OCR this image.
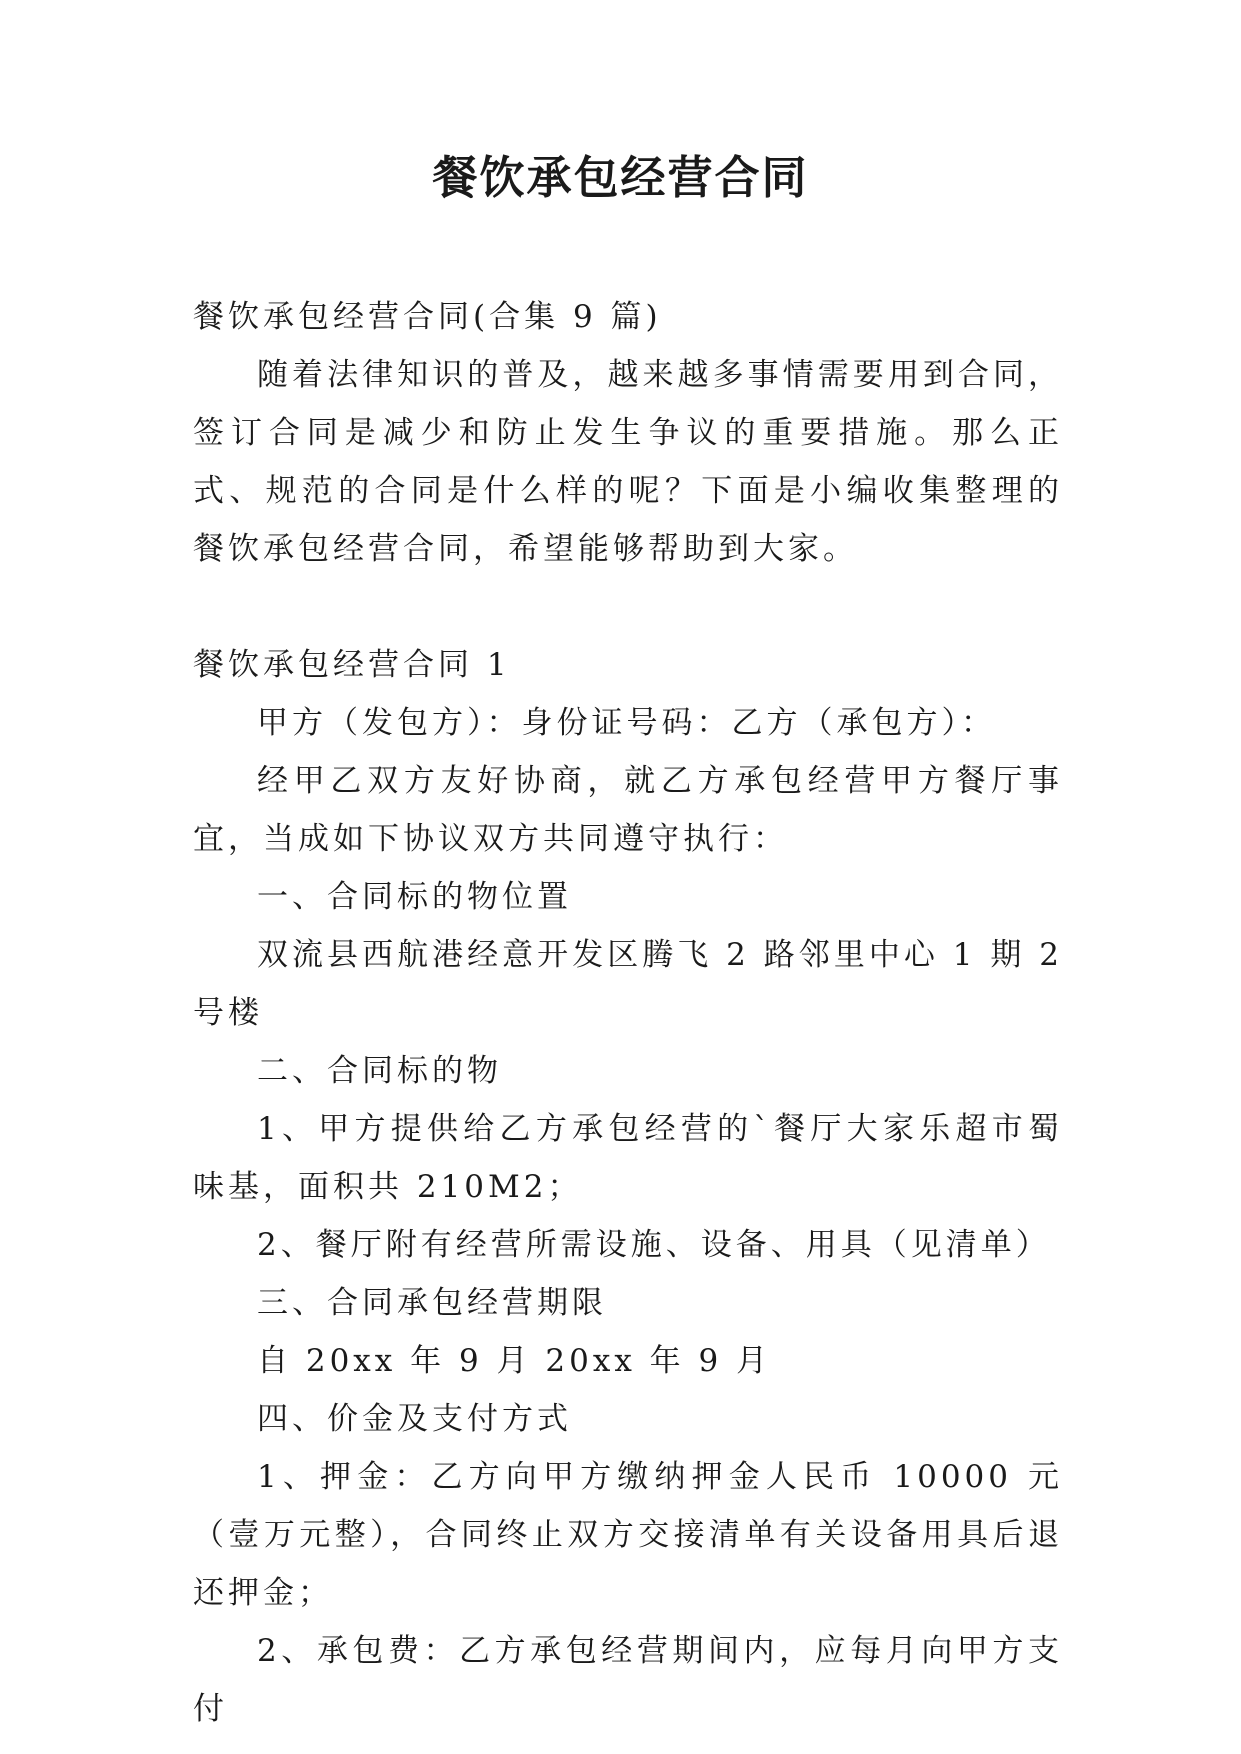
餐饮承包经营合同

餐饮承包经营合同(合集 9 篇)

随着法律知识的普及，越来越多事情需要用到合同，签订合同是减少和防止发生争议的重要措施。那么正式、规范的合同是什么样的呢？下面是小编收集整理的餐饮承包经营合同，希望能够帮助到大家。

餐饮承包经营合同 1

甲方（发包方）：身份证号码：乙方（承包方）：

经甲乙双方友好协商，就乙方承包经营甲方餐厅事宜，当成如下协议双方共同遵守执行：

一、合同标的物位置

双流县西航港经意开发区腾飞 2 路邻里中心 1 期 2 号楼

二、合同标的物

1、甲方提供给乙方承包经营的`餐厅大家乐超市蜀味基，面积共 210M2；

2、餐厅附有经营所需设施、设备、用具（见清单）

三、合同承包经营期限

自 20xx 年 9 月 20xx 年 9 月

四、价金及支付方式

1、押金：乙方向甲方缴纳押金人民币 10000 元（壹万元整），合同终止双方交接清单有关设备用具后退还押金；

2、承包费：乙方承包经营期间内，应每月向甲方支付
